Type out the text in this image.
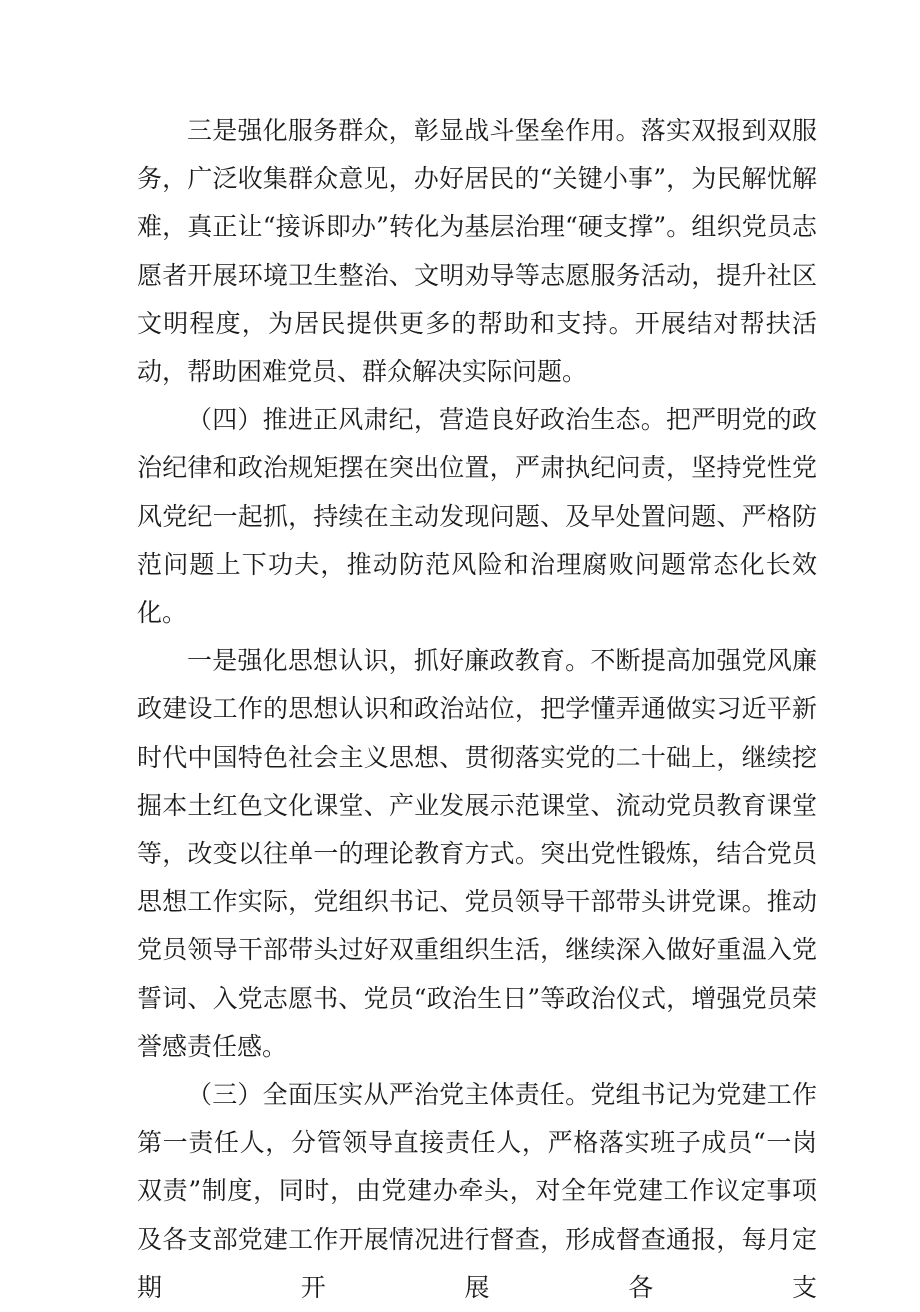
三是强化服务群众，彰显战斗堡垒作用。落实双报到双服务，广泛收集群众意见，办好居民的“关键小事”，为民解忧解难，真正让“接诉即办”转化为基层治理“硬支撑”。组织党员志愿者开展环境卫生整治、文明劝导等志愿服务活动，提升社区文明程度，为居民提供更多的帮助和支持。开展结对帮扶活动，帮助困难党员、群众解决实际问题。

（四）推进正风肃纪，营造良好政治生态。把严明党的政治纪律和政治规矩摆在突出位置，严肃执纪问责，坚持党性党风党纪一起抓，持续在主动发现问题、及早处置问题、严格防范问题上下功夫，推动防范风险和治理腐败问题常态化长效化。

一是强化思想认识，抓好廉政教育。不断提高加强党风廉政建设工作的思想认识和政治站位，把学懂弄通做实习近平新时代中国特色社会主义思想、贯彻落实党的二十础上，继续挖掘本土红色文化课堂、产业发展示范课堂、流动党员教育课堂等，改变以往单一的理论教育方式。突出党性锻炼，结合党员思想工作实际，党组织书记、党员领导干部带头讲党课。推动党员领导干部带头过好双重组织生活，继续深入做好重温入党誓词、入党志愿书、党员“政治生日”等政治仪式，增强党员荣誉感责任感。

（三）全面压实从严治党主体责任。党组书记为党建工作第一责任人，分管领导直接责任人，严格落实班子成员“一岗双责”制度，同时，由党建办牵头，对全年党建工作议定事项及各支部党建工作开展情况进行督查，形成督查通报，每月定期开展各支
